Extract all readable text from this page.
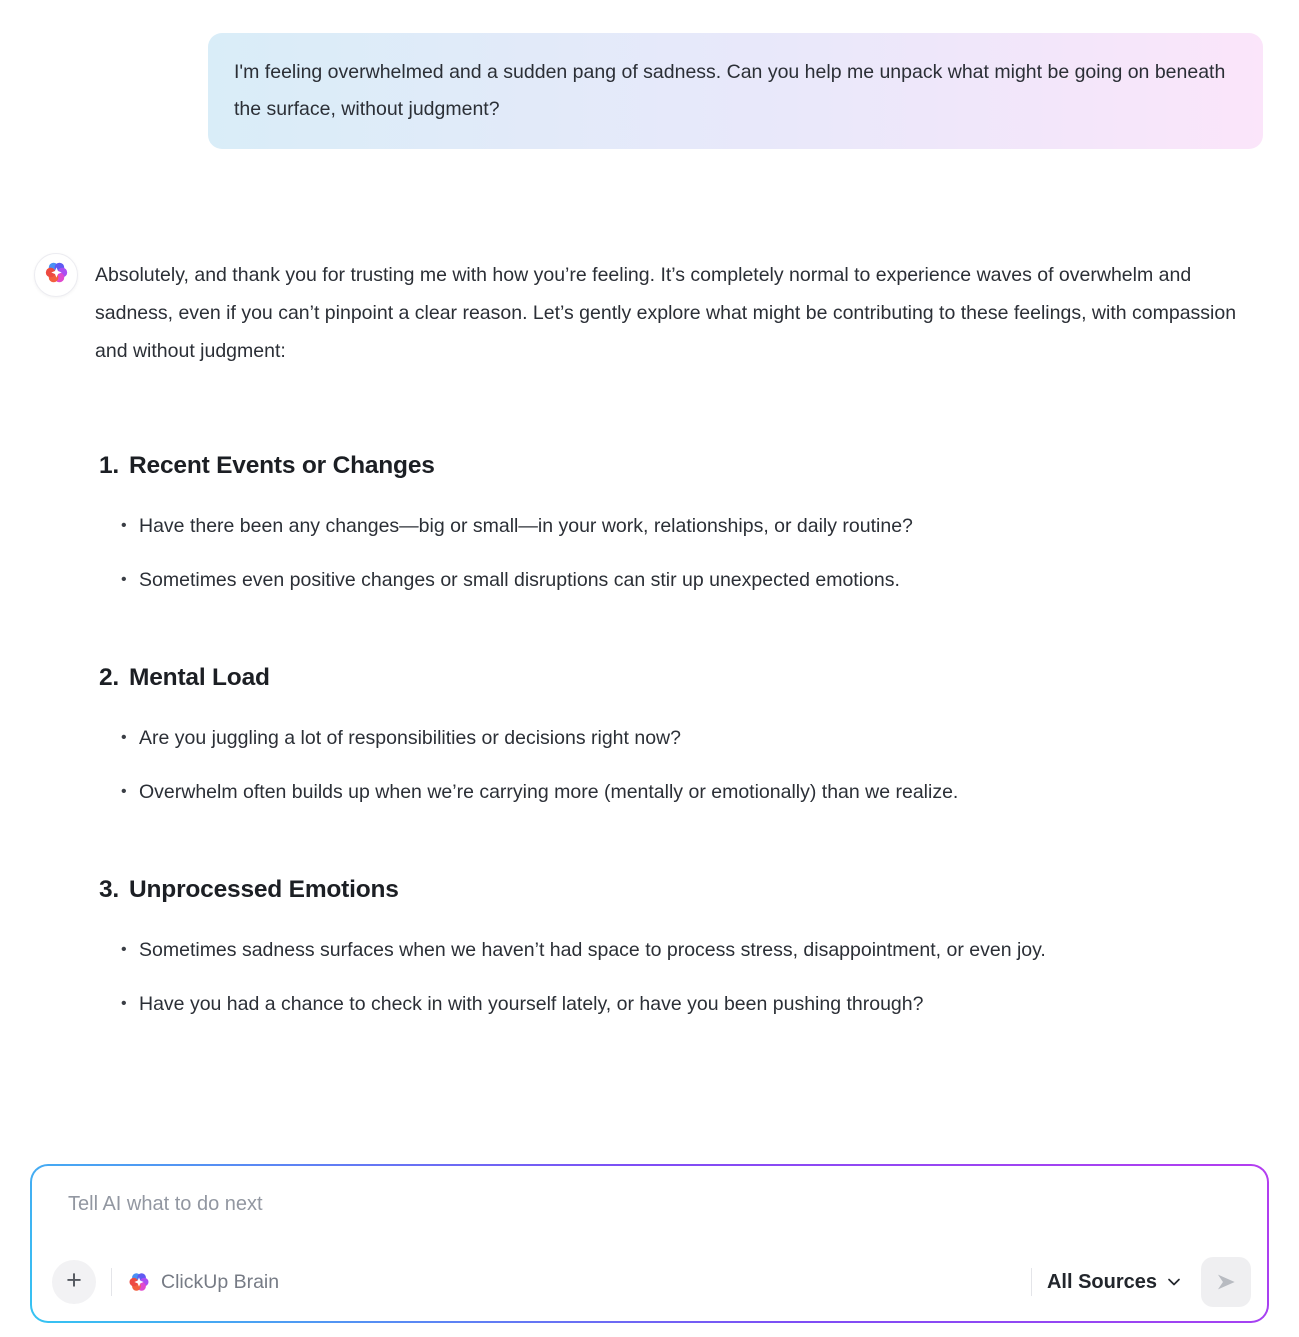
I'm feeling overwhelmed and a sudden pang of sadness. Can you help me unpack what might be going on beneath the surface, without judgment?

Absolutely, and thank you for trusting me with how you’re feeling. It’s completely normal to experience waves of overwhelm and sadness, even if you can’t pinpoint a clear reason. Let’s gently explore what might be contributing to these feelings, with compassion and without judgment:

1. Recent Events or Changes
• Have there been any changes—big or small—in your work, relationships, or daily routine?
• Sometimes even positive changes or small disruptions can stir up unexpected emotions.
2. Mental Load
• Are you juggling a lot of responsibilities or decisions right now?
• Overwhelm often builds up when we’re carrying more (mentally or emotionally) than we realize.
3. Unprocessed Emotions
• Sometimes sadness surfaces when we haven’t had space to process stress, disappointment, or even joy.
• Have you had a chance to check in with yourself lately, or have you been pushing through?
Tell AI what to do next
+	ClickUp Brain	All Sources
